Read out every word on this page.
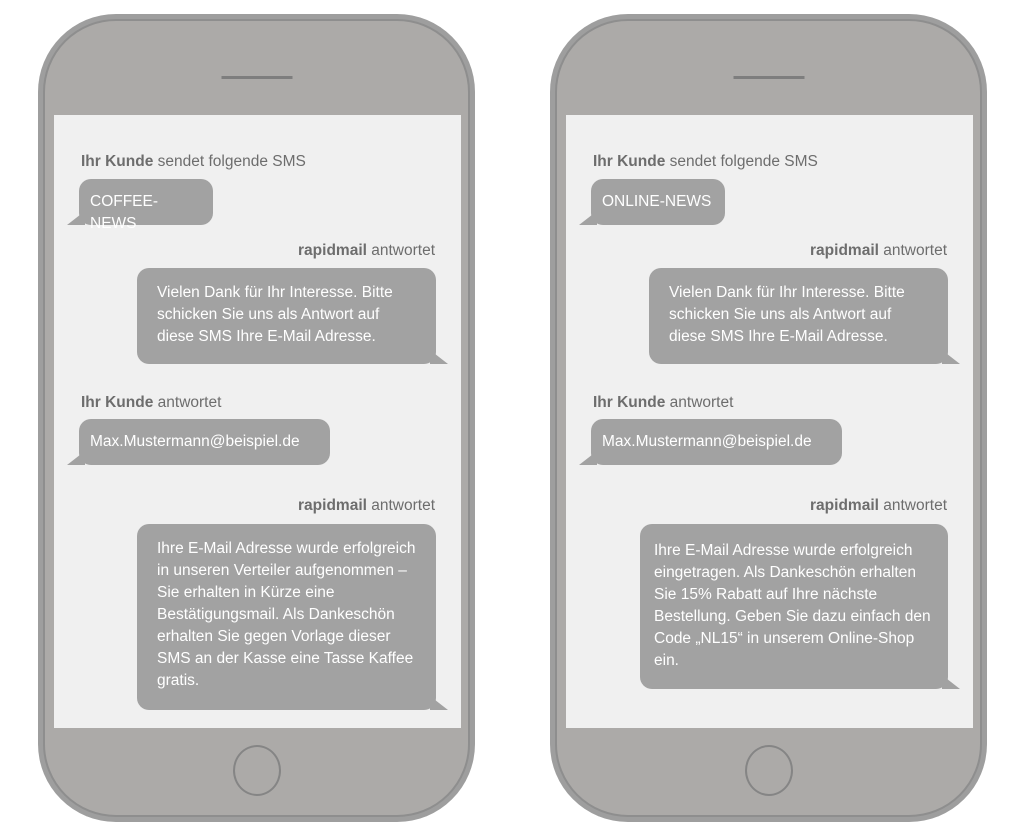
Ihr Kunde sendet folgende SMS
COFFEE-NEWS
rapidmail antwortet
Vielen Dank für Ihr Interesse. Bitte schicken Sie uns als Antwort auf diese SMS Ihre E-Mail Adresse.
Ihr Kunde antwortet
Max.Mustermann@beispiel.de
rapidmail antwortet
Ihre E-Mail Adresse wurde erfolgreich in unseren Verteiler aufgenommen – Sie erhalten in Kürze eine Bestätigungsmail. Als Dankeschön erhalten Sie gegen Vorlage dieser SMS an der Kasse eine Tasse Kaffee gratis.
Ihr Kunde sendet folgende SMS
ONLINE-NEWS
rapidmail antwortet
Vielen Dank für Ihr Interesse. Bitte schicken Sie uns als Antwort auf diese SMS Ihre E-Mail Adresse.
Ihr Kunde antwortet
Max.Mustermann@beispiel.de
rapidmail antwortet
Ihre E-Mail Adresse wurde erfolgreich eingetragen. Als Dankeschön erhalten Sie 15% Rabatt auf Ihre nächste Bestellung. Geben Sie dazu einfach den Code „NL15“ in unserem Online-Shop ein.
